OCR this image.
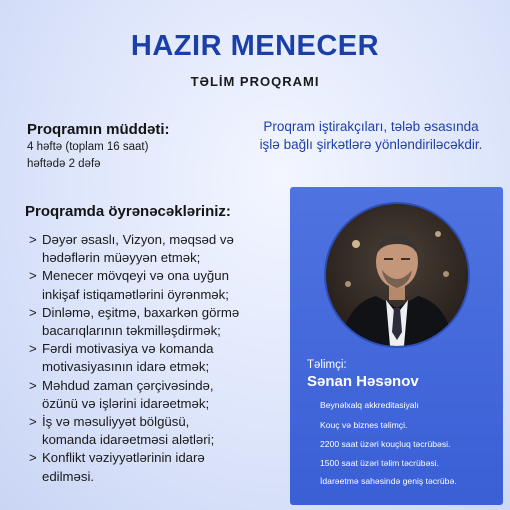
HAZIR MENECER
TƏLİM PROQRAMI
Proqramın müddəti:
4 həftə (toplam 16 saat)
həftədə 2 dəfə
Proqram iştirakçıları, tələb əsasında
işlə bağlı şirkətlərə yönləndiriləcəkdir.
Proqramda öyrənəcəkləriniz:
> Dəyər əsaslı, Vizyon, məqsəd və
hədəflərin müəyyən etmək;
> Menecer mövqeyi və ona uyğun
inkişaf istiqamətlərini öyrənmək;
> Dinləmə, eşitmə, baxarkən görmə
bacarıqlarının təkmilləşdirmək;
> Fərdi motivasiya və komanda
motivasiyasının idarə etmək;
> Məhdud zaman çərçivəsində,
özünü və işlərini idarəetmək;
> İş və məsuliyyət bölgüsü,
komanda idarəetməsi alətləri;
> Konflikt vəziyyətlərinin idarə
edilməsi.
Təlimçi:
Sənan Həsənov
Beynəlxalq akkreditasiyalı
Kouç və biznes təlimçi.
2200 saat üzəri kouçluq təcrübəsi.
1500 saat üzəri təlim təcrübəsi.
İdarəetmə sahəsində geniş təcrübə.
